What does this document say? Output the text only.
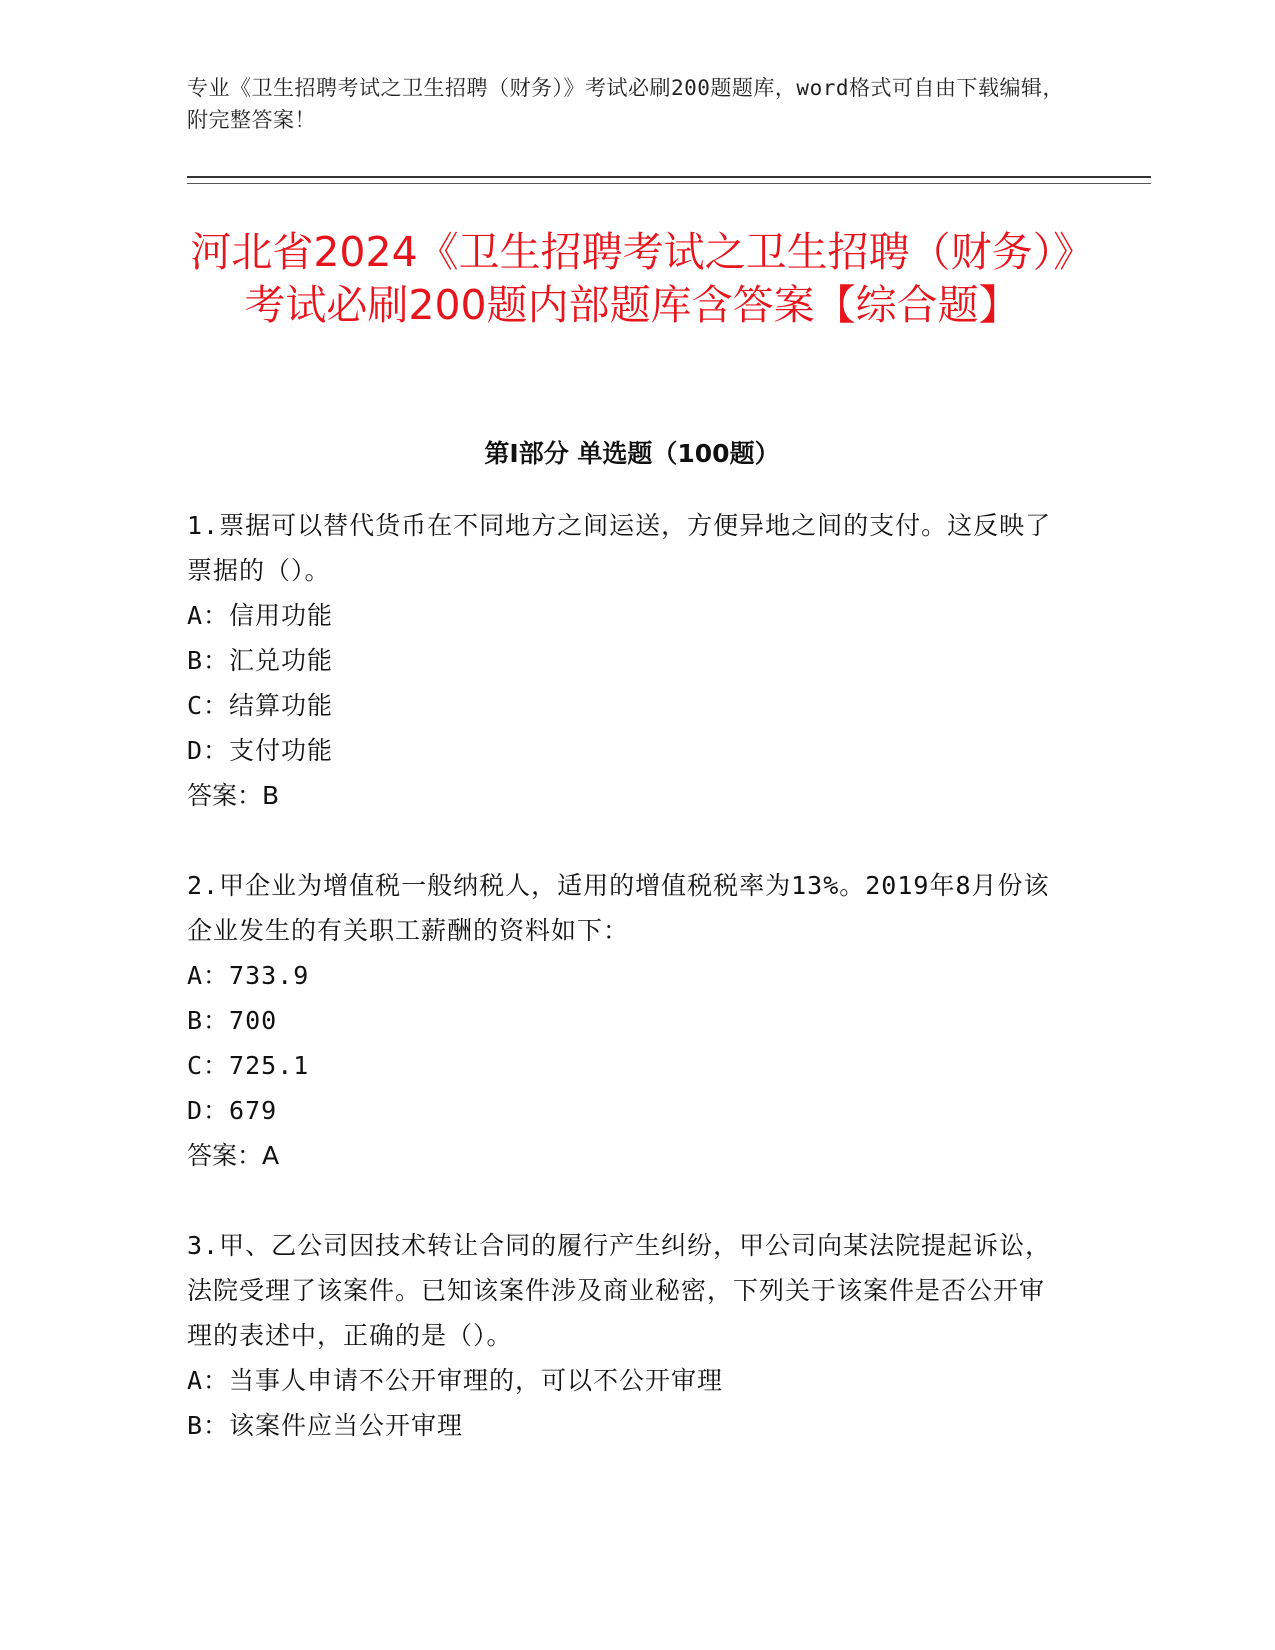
专业《卫生招聘考试之卫生招聘（财务）》考试必刷200题题库，word格式可自由下载编辑，附完整答案！
河北省2024《卫生招聘考试之卫生招聘（财务）》考试必刷200题内部题库含答案【综合题】
第I部分 单选题（100题）

1.票据可以替代货币在不同地方之间运送，方便异地之间的支付。这反映了票据的（）。

A：信用功能
B：汇兑功能
C：结算功能
D：支付功能

答案：B

2.甲企业为增值税一般纳税人，适用的增值税税率为13%。2019年8月份该企业发生的有关职工薪酬的资料如下：

A：733.9
B：700
C：725.1
D：679

答案：A

3.甲、乙公司因技术转让合同的履行产生纠纷，甲公司向某法院提起诉讼，法院受理了该案件。已知该案件涉及商业秘密，下列关于该案件是否公开审理的表述中，正确的是（）。

A：当事人申请不公开审理的，可以不公开审理
B：该案件应当公开审理
